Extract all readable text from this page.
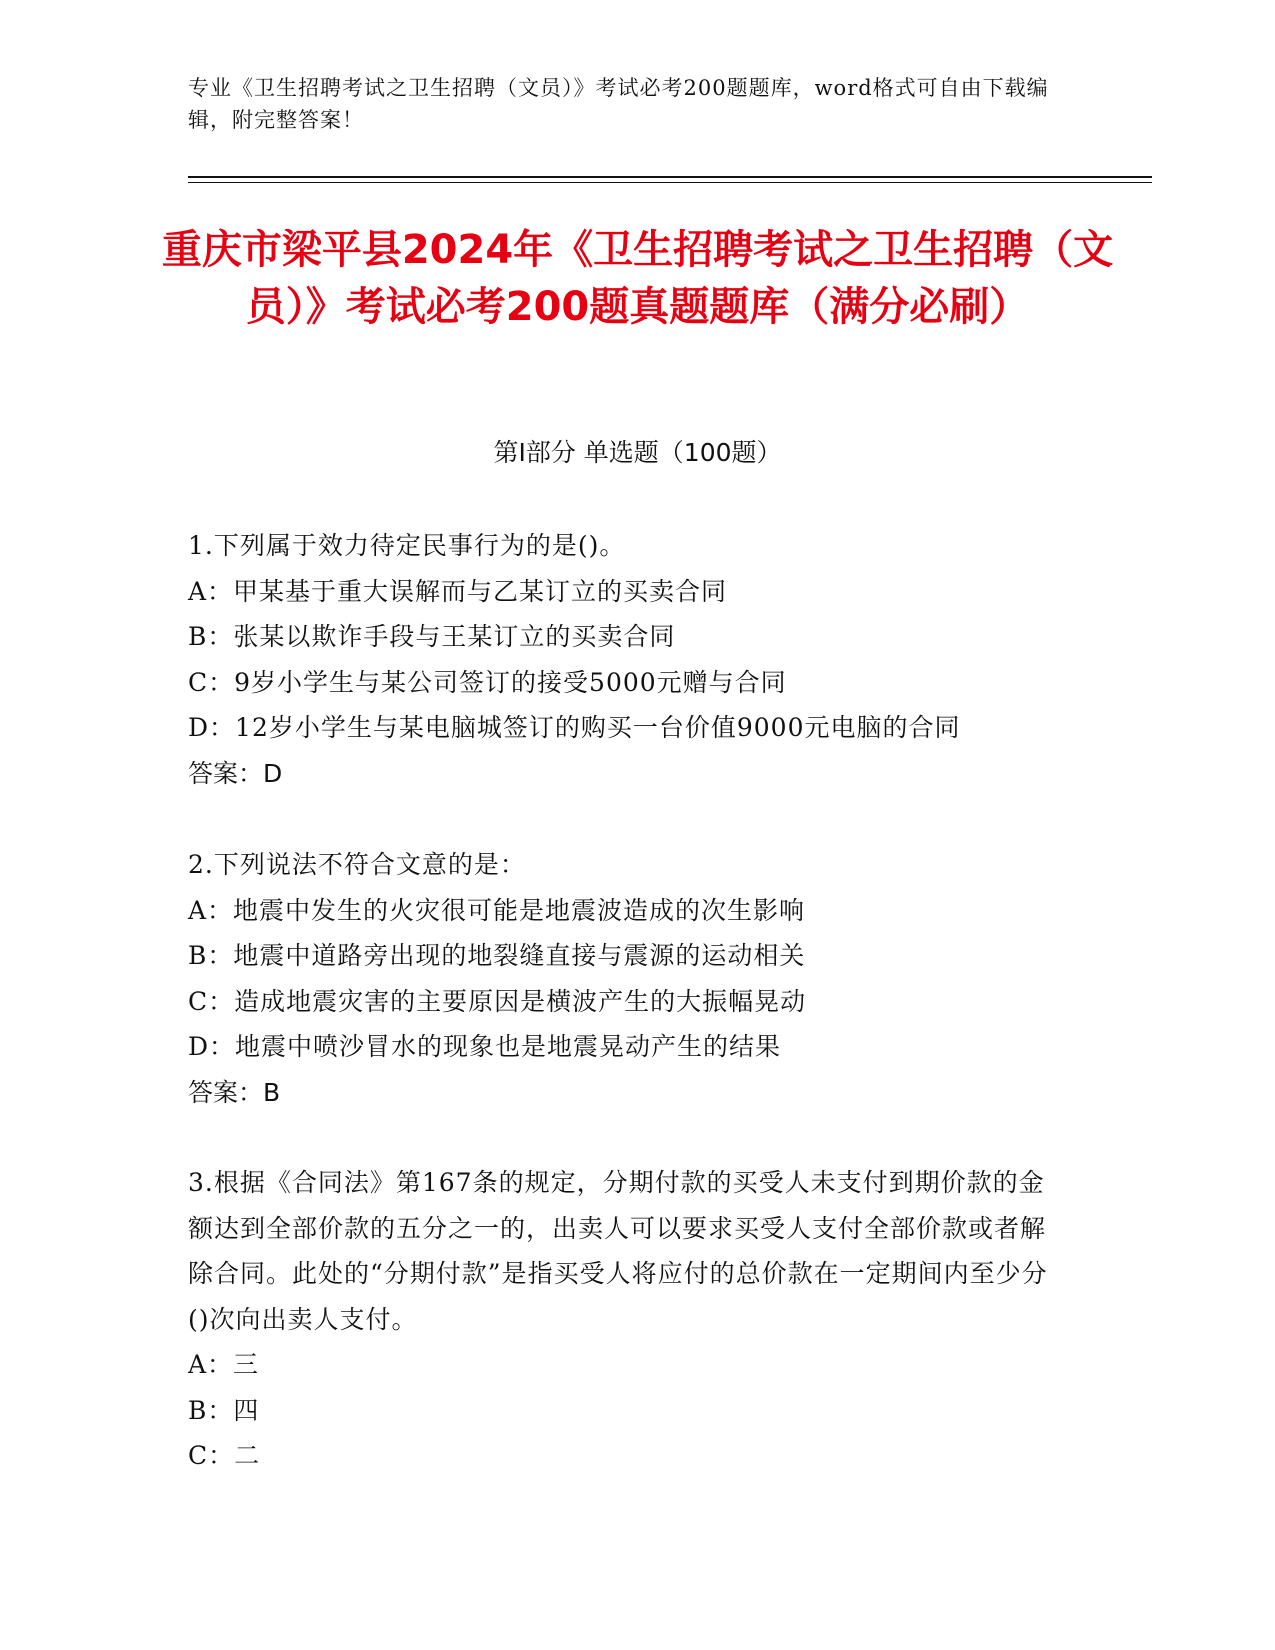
专业《卫生招聘考试之卫生招聘（文员）》考试必考200题题库，word格式可自由下载编辑，附完整答案！
重庆市梁平县2024年《卫生招聘考试之卫生招聘（文员）》考试必考200题真题题库（满分必刷）
第I部分 单选题（100题）
1.下列属于效力待定民事行为的是()。
A：甲某基于重大误解而与乙某订立的买卖合同
B：张某以欺诈手段与王某订立的买卖合同
C：9岁小学生与某公司签订的接受5000元赠与合同
D：12岁小学生与某电脑城签订的购买一台价值9000元电脑的合同
答案：D
2.下列说法不符合文意的是：
A：地震中发生的火灾很可能是地震波造成的次生影响
B：地震中道路旁出现的地裂缝直接与震源的运动相关
C：造成地震灾害的主要原因是横波产生的大振幅晃动
D：地震中喷沙冒水的现象也是地震晃动产生的结果
答案：B
3.根据《合同法》第167条的规定，分期付款的买受人未支付到期价款的金额达到全部价款的五分之一的，出卖人可以要求买受人支付全部价款或者解除合同。此处的“分期付款”是指买受人将应付的总价款在一定期间内至少分()次向出卖人支付。
A：三
B：四
C：二
